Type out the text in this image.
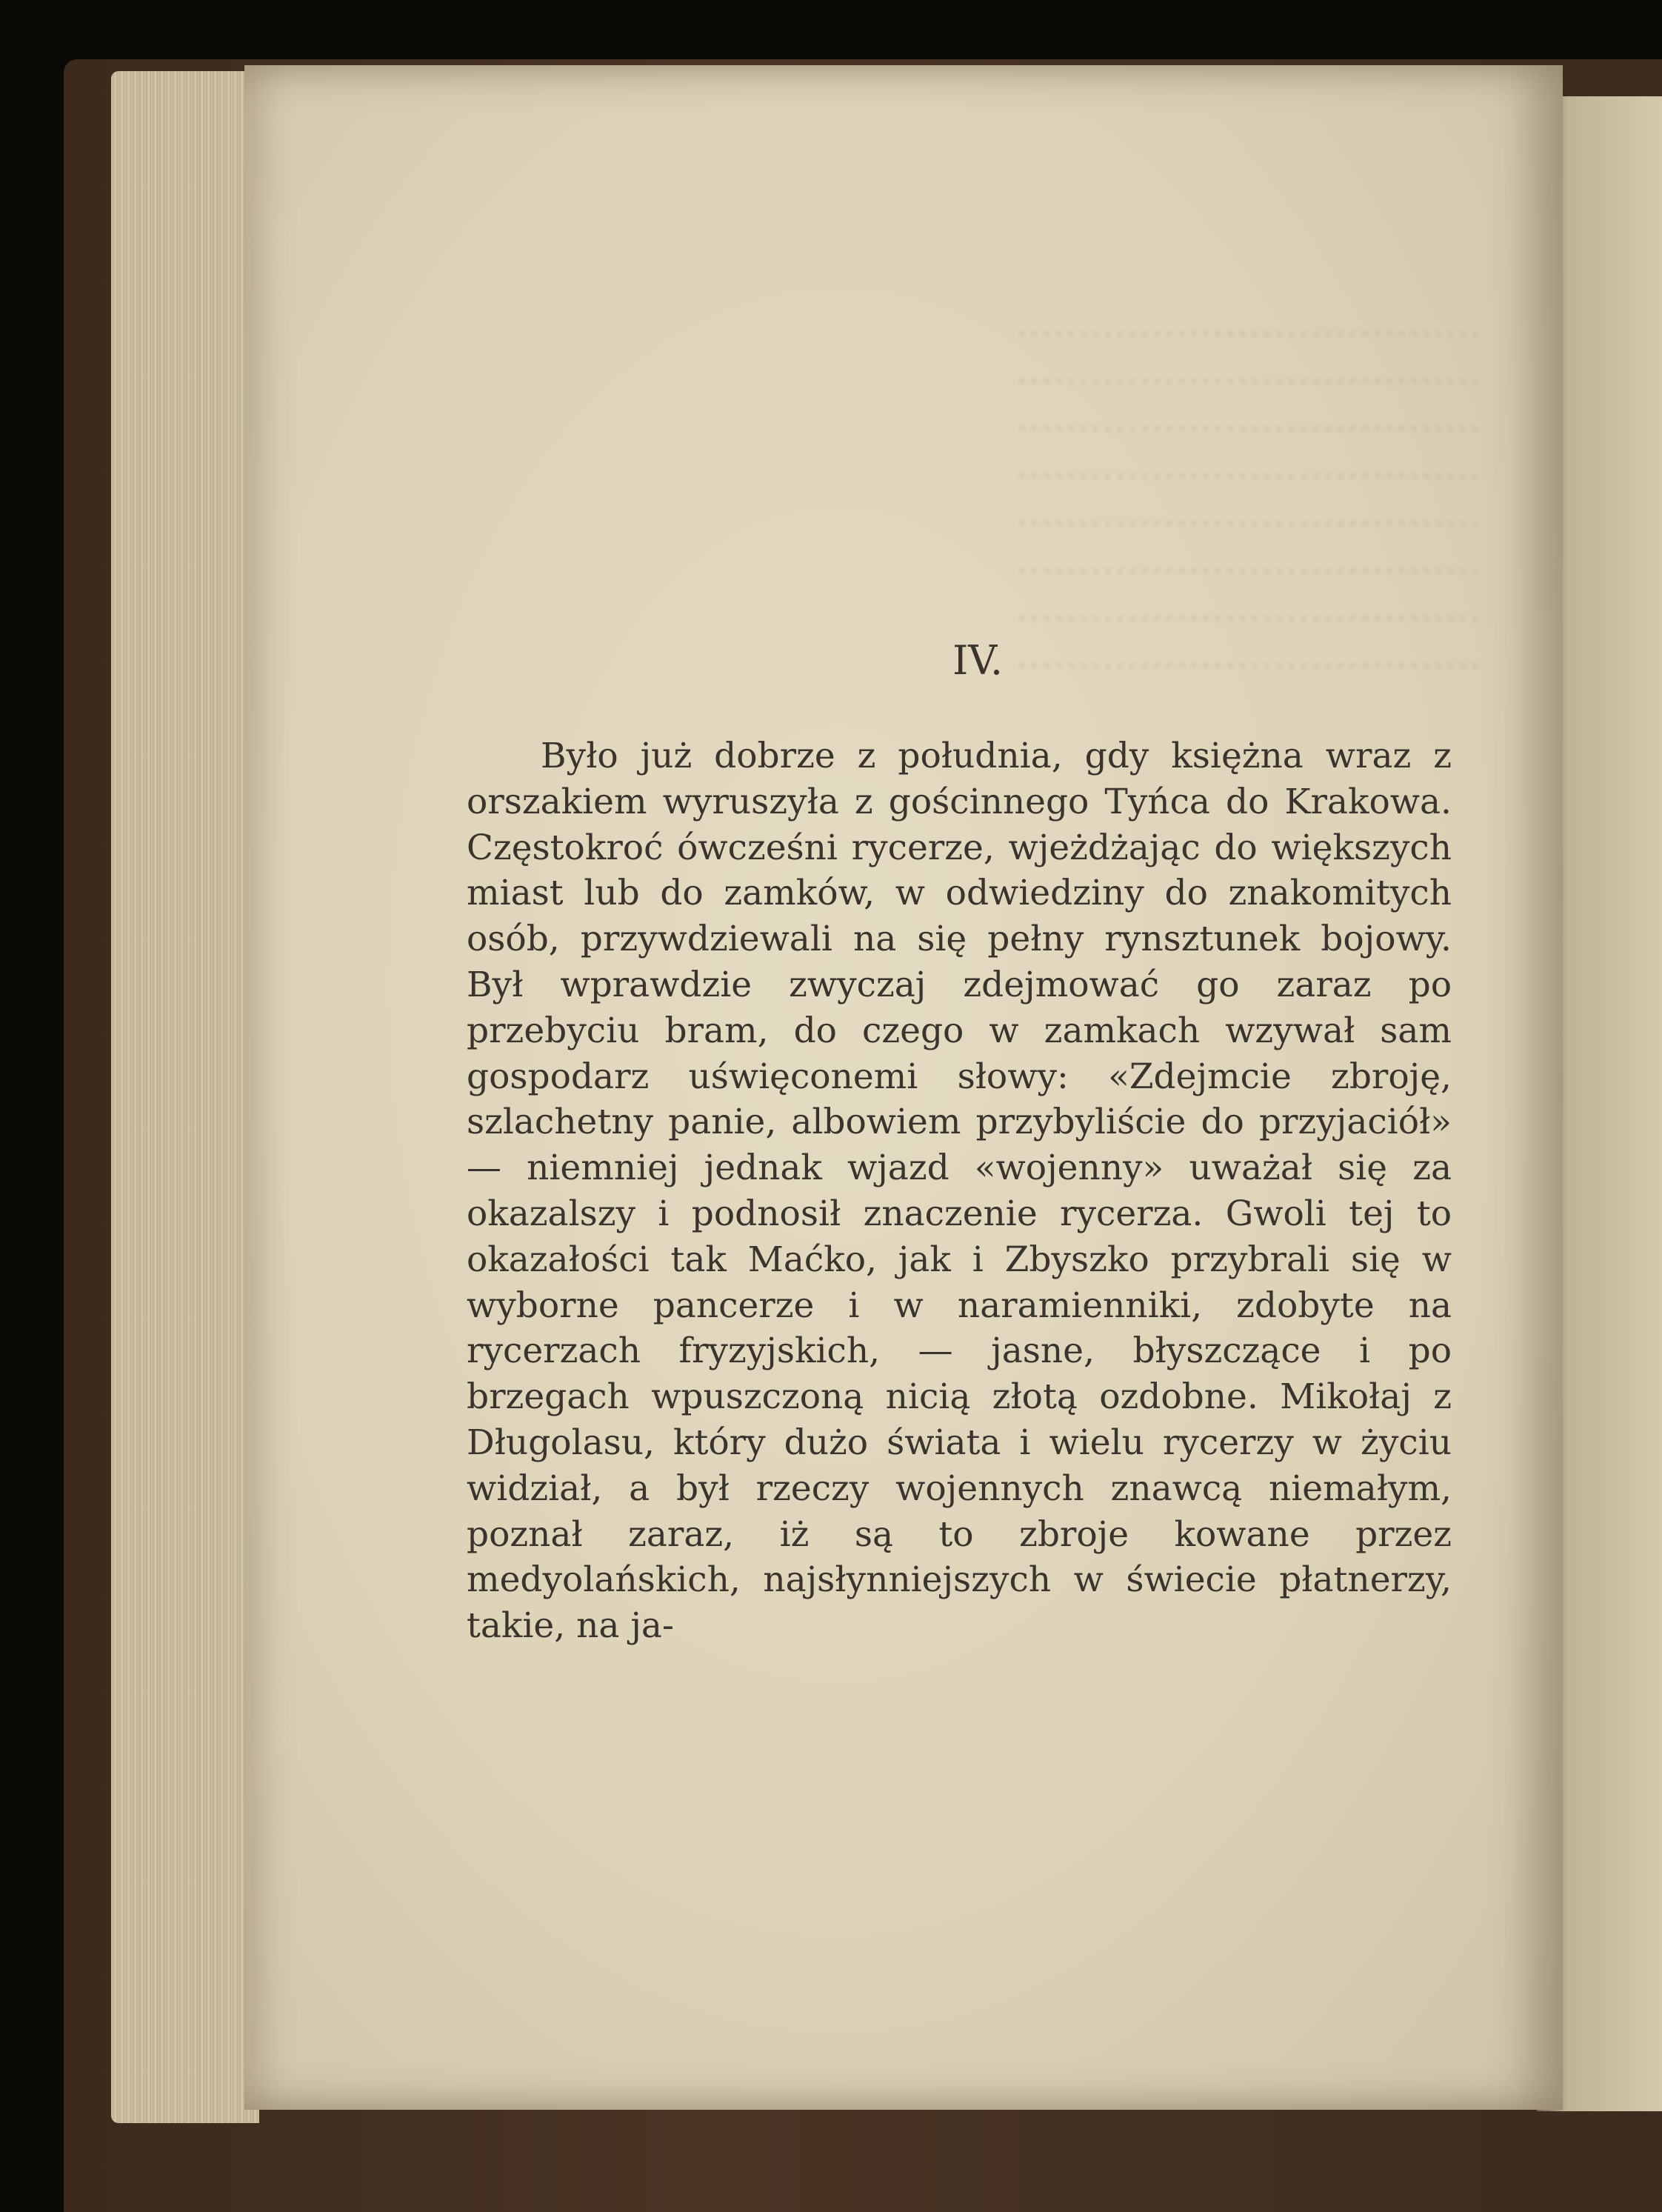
······································
······································
······································
······································
······································
······································
······································
······································
IV.

Było już dobrze z południa, gdy księżna wraz z orszakiem wyruszyła z gościnnego Tyńca do Krakowa. Częstokroć ówcześni rycerze, wjeżdżając do większych miast lub do zamków, w odwiedziny do znakomitych osób, przywdziewali na się pełny rynsztunek bojowy. Był wprawdzie zwyczaj zdejmować go zaraz po przebyciu bram, do czego w zamkach wzywał sam gospodarz uświęconemi słowy: «Zdejmcie zbroję, szlachetny panie, albowiem przybyliście do przyjaciół» — niemniej jednak wjazd «wojenny» uważał się za okazalszy i podnosił znaczenie rycerza. Gwoli tej to okazałości tak Maćko, jak i Zbyszko przybrali się w wyborne pancerze i w naramienniki, zdobyte na rycerzach fryzyjskich, — jasne, błyszczące i po brzegach wpuszczoną nicią złotą ozdobne. Mikołaj z Długolasu, który dużo świata i wielu rycerzy w życiu widział, a był rzeczy wojennych znawcą niemałym, poznał zaraz, iż są to zbroje kowane przez medyolańskich, najsłynniejszych w świecie płatnerzy, takie, na ja-
